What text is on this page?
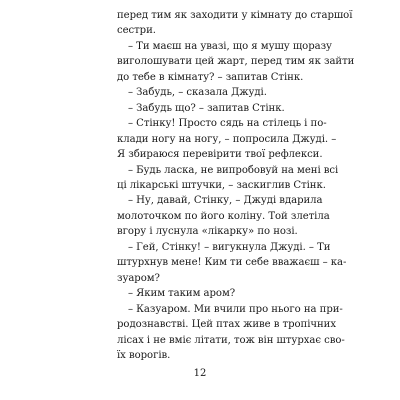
перед тим як заходити у кімнату до старшої
сестри.
– Ти маєш на увазі, що я мушу щоразу
виголошувати цей жарт, перед тим як зайти
до тебе в кімнату? – запитав Стінк.
– Забудь, – сказала Джуді.
– Забудь що? – запитав Стінк.
– Стінку! Просто сядь на стілець і по-
клади ногу на ногу, – попросила Джуді. –
Я збираюся перевірити твої рефлекси.
– Будь ласка, не випробовуй на мені всі
ці лікарські штучки, – заскиглив Стінк.
– Ну, давай, Стінку, – Джуді вдарила
молоточком по його коліну. Той злетіла
вгору і луснула «лікарку» по нозі.
– Гей, Стінку! – вигукнула Джуді. – Ти
штурхнув мене! Ким ти себе вважаєш – ка-
зуаром?
– Яким таким аром?
– Казуаром. Ми вчили про нього на при-
родознавстві. Цей птах живе в тропічних
лісах і не вміє літати, тож він штурхає сво-
їх ворогів.
12
